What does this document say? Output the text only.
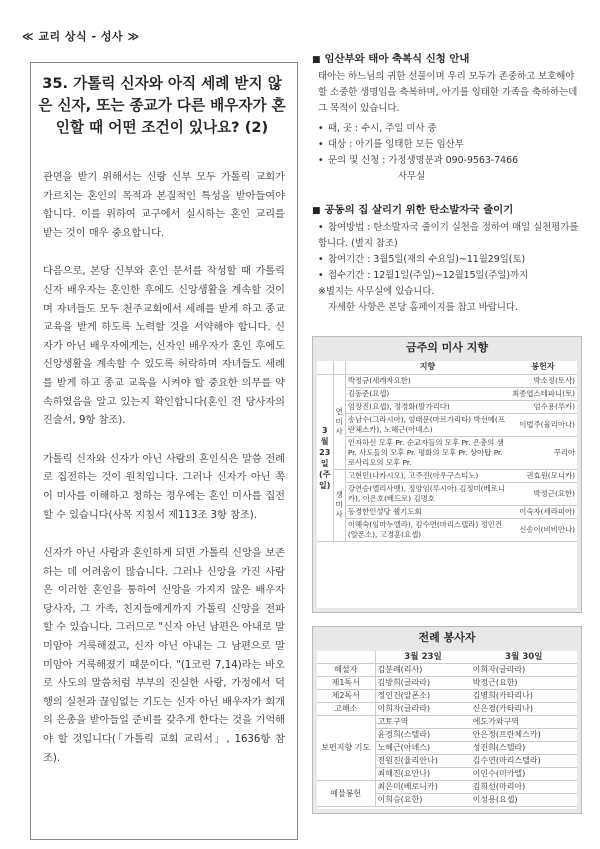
≪ 교리 상식 - 성사 ≫
35. 가톨릭 신자와 아직 세례 받지 않은 신자, 또는 종교가 다른 배우자가 혼인할 때 어떤 조건이 있나요? (2)
관면을 받기 위해서는 신랑 신부 모두 가톨릭 교회가 가르치는 혼인의 목적과 본질적인 특성을 받아들여야 합니다. 이를 위하여 교구에서 실시하는 혼인 교리를 받는 것이 매우 중요합니다.
다음으로, 본당 신부와 혼인 문서를 작성할 때 가톨릭 신자 배우자는 혼인한 후에도 신앙생활을 계속할 것이며 자녀들도 모두 천주교회에서 세례를 받게 하고 종교 교육을 받게 하도록 노력할 것을 서약해야 합니다. 신자가 아닌 배우자에게는, 신자인 배우자가 혼인 후에도 신앙생활을 계속할 수 있도록 허락하며 자녀들도 세례를 받게 하고 종교 교육을 시켜야 할 중요한 의무를 약속하였음을 알고 있는지 확인합니다(혼인 전 당사자의 진술서, 9항 참조).
가톨릭 신자와 신자가 아닌 사람의 혼인식은 말씀 전례로 집전하는 것이 원칙입니다. 그러나 신자가 아닌 쪽이 미사를 이해하고 청하는 경우에는 혼인 미사를 집전할 수 있습니다(사목 지침서 제113조 3항 참조).
신자가 아닌 사람과 혼인하게 되면 가톨릭 신앙을 보존하는 데 어려움이 많습니다. 그러나 신앙을 가진 사람은 이러한 혼인을 통하여 신앙을 가지지 않은 배우자 당사자, 그 가족, 친지들에게까지 가톨릭 신앙을 전파할 수 있습니다. 그러므로 "신자 아닌 남편은 아내로 말미암아 거룩해졌고, 신자 아닌 아내는 그 남편으로 말미암아 거룩해졌기 때문이다. "(1코린 7,14)라는 바오로 사도의 말씀처럼 부부의 진실한 사랑, 가정에서 덕행의 실천과 끊임없는 기도는 신자 아닌 배우자가 회개의 은총을 받아들일 준비를 갖추게 한다는 것을 기억해야 할 것입니다(「가톨릭 교회 교리서」, 1636항 참조).
■ 임산부와 태아 축복식 신청 안내
태아는 하느님의 귀한 선물이며 우리 모두가 존중하고 보호해야 할 소중한 생명임을 축복하며, 아기를 잉태한 가족을 축하하는데 그 목적이 있습니다.
• 때, 곳 : 수시, 주일 미사 중
• 대상 : 아기를 잉태한 모든 임산부
• 문의 및 신청 : 가정생명분과 090-9563-7466
사무실
■ 공동의 집 살리기 위한 탄소발자국 줄이기
• 참여방법 : 탄소발자국 줄이기 실천을 정하여 매일 실천평가를 합니다. (별지 참조)
• 참여기간 : 3월5일(재의 수요일)~11월29일(토)
• 접수기간 : 12월1일(주일)~12월15일(주일)까지
※별지는 사무실에 있습니다.
자세한 사항은 본당 홈페이지를 참고 바랍니다.
금주의 미사 지향
		지향	봉헌자
3월 23일 (주일)	연미사	박정규(세례자요한)	박소정(토사)
		김동준(요셉)	최종엽스테파니(토)
		엄장진(요셉), 정경화(발가리다)	엄수용(루카)
		송남수(그라시아), 엄태문(마르가리타) 박선예(프란체스카), 노혜근(아녜스)	이법주(율리아나)
		인자하신 모후 Pr. 순교자들의 모후 Pr. 은총의 샘 Pr. 사도들의 모후 Pr. 평화의 모후 Pr. 상아탑 Pr. 로사리오의 모후 Pr.	꾸리아
	생미사	고현민(나카시오), 고주진(아우구스티노)	권효원(모니카)
		강연승(엘리사벳), 정양임(루시아) 김정미(베로니카), 이은호(베드로) 김명호	박정근(요한)
		동경한인성당 쉘기도회	이숙자(세라피아)
		이혜숙(임마누엘라), 김수연(마리스텔라) 정인건(알폰소), 고경훈(요셉)	신송이(비비안나)
전례 봉사자
	3월 23일	3월 30일
해설자	김분례(리사)	이희자(글라라)
제1독서	김방희(글라라)	박정근(요한)
제2독서	정인건(알폰소)	김병희(카타리나)
고해소	이희자(글라라)	신은경(카타리나)
보편지향 기도	고토구역	에도가와구역
	윤경희(스텔라)	안은정(프란체스카)
	노혜근(아녜스)	성진희(스텔라)
	전원진(율리안나)	김수연(마리스텔라)
	최해진(요안나)	이인수(미카엘)
예물봉헌	최은미(베로니카)	김희선(마리아)
	이희승(요한)	이성용(요셉)
